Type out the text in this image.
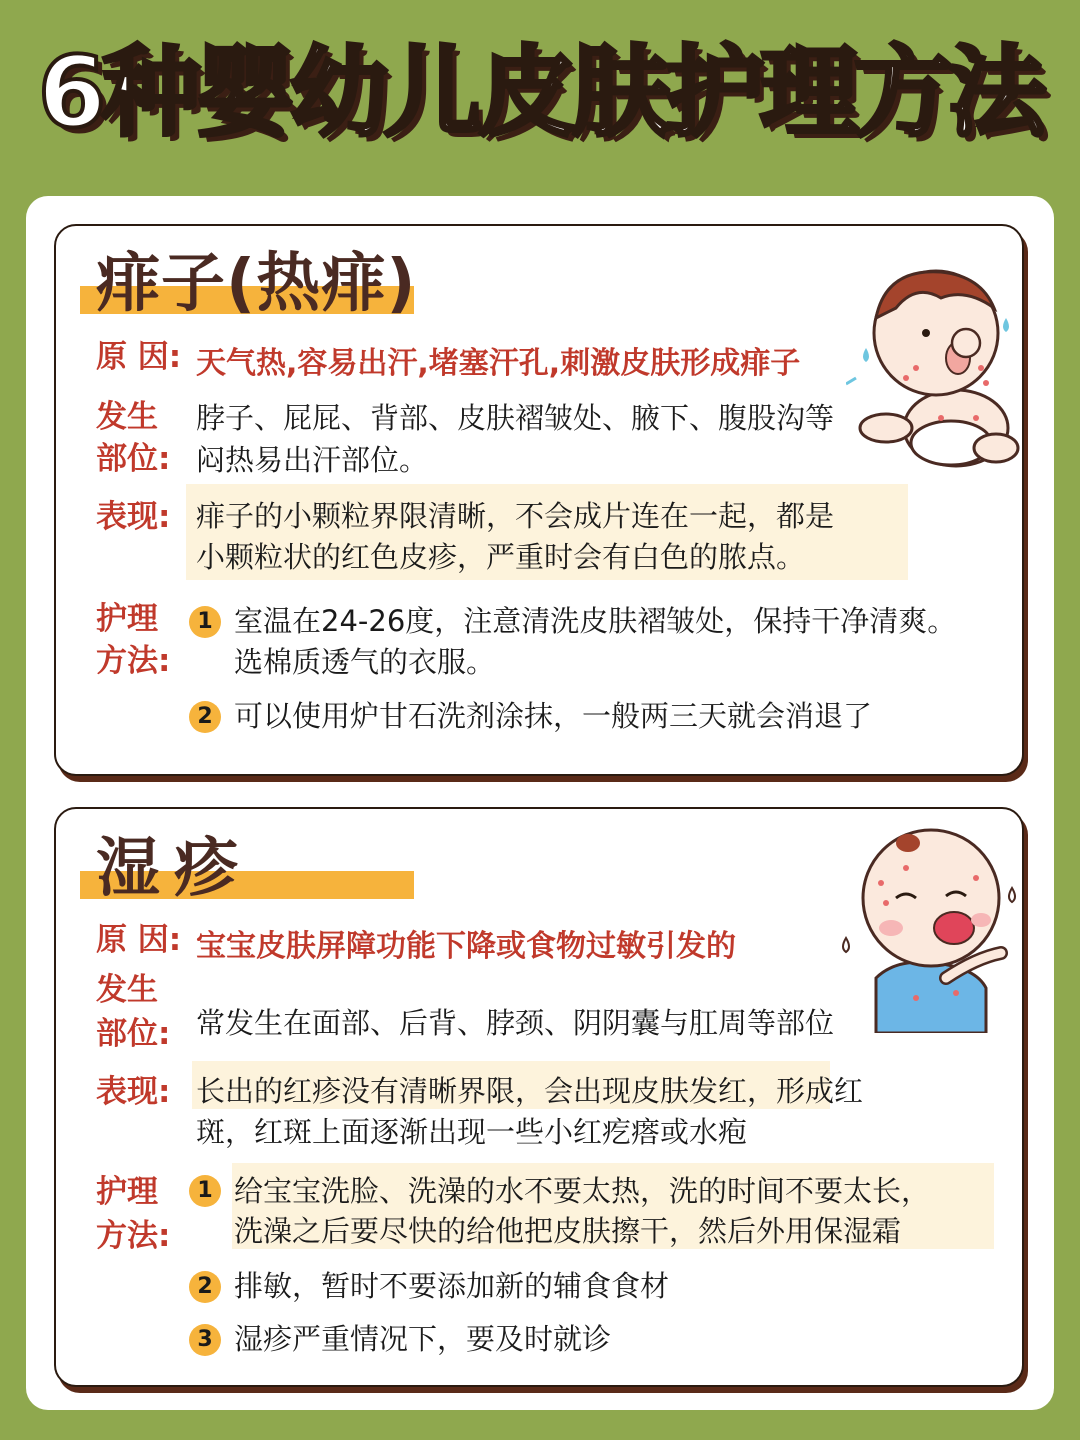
6种婴幼儿皮肤护理方法
痱子(热痱)
原 因: 天气热,容易出汗,堵塞汗孔,刺激皮肤形成痱子
发生
部位:
脖子、屁屁、背部、皮肤褶皱处、腋下、腹股沟等
闷热易出汗部位。
表现: 痱子的小颗粒界限清晰，不会成片连在一起，都是
小颗粒状的红色皮疹，严重时会有白色的脓点。
护理
方法:
1 室温在24-26度，注意清洗皮肤褶皱处，保持干净清爽。
选棉质透气的衣服。
2 可以使用炉甘石洗剂涂抹，一般两三天就会消退了
湿疹
原 因: 宝宝皮肤屏障功能下降或食物过敏引发的
发生
部位: 常发生在面部、后背、脖颈、阴阴囊与肛周等部位
表现: 长出的红疹没有清晰界限，会出现皮肤发红，形成红
斑，红斑上面逐渐出现一些小红疙瘩或水疱
护理
方法:
1 给宝宝洗脸、洗澡的水不要太热，洗的时间不要太长，
洗澡之后要尽快的给他把皮肤擦干，然后外用保湿霜
2 排敏，暂时不要添加新的辅食食材
3 湿疹严重情况下，要及时就诊
